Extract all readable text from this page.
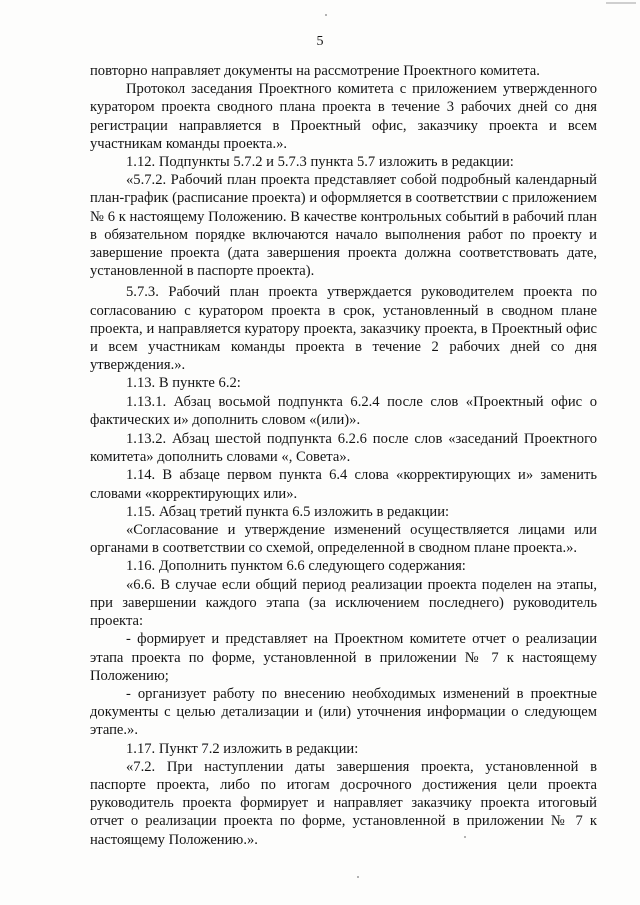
5

повторно направляет документы на рассмотрение Проектного комитета.

Протокол заседания Проектного комитета с приложением утвержденного куратором проекта сводного плана проекта в течение 3 рабочих дней со дня регистрации направляется в Проектный офис, заказчику проекта и всем участникам команды проекта.».

1.12. Подпункты 5.7.2 и 5.7.3 пункта 5.7 изложить в редакции:

«5.7.2. Рабочий план проекта представляет собой подробный календарный план-график (расписание проекта) и оформляется в соответствии с приложением № 6 к настоящему Положению. В качестве контрольных событий в рабочий план в обязательном порядке включаются начало выполнения работ по проекту и завершение проекта (дата завершения проекта должна соответствовать дате, установленной в паспорте проекта).

5.7.3. Рабочий план проекта утверждается руководителем проекта по согласованию с куратором проекта в срок, установленный в сводном плане проекта, и направляется куратору проекта, заказчику проекта, в Проектный офис и всем участникам команды проекта в течение 2 рабочих дней со дня утверждения.».

1.13. В пункте 6.2:

1.13.1. Абзац восьмой подпункта 6.2.4 после слов «Проектный офис о фактических и» дополнить словом «(или)».

1.13.2. Абзац шестой подпункта 6.2.6 после слов «заседаний Проектного комитета» дополнить словами «, Совета».

1.14. В абзаце первом пункта 6.4 слова «корректирующих и» заменить словами «корректирующих или».

1.15. Абзац третий пункта 6.5 изложить в редакции:

«Согласование и утверждение изменений осуществляется лицами или органами в соответствии со схемой, определенной в сводном плане проекта.».

1.16. Дополнить пунктом 6.6 следующего содержания:

«6.6. В случае если общий период реализации проекта поделен на этапы, при завершении каждого этапа (за исключением последнего) руководитель проекта:

- формирует и представляет на Проектном комитете отчет о реализации этапа проекта по форме, установленной в приложении № 7 к настоящему Положению;

- организует работу по внесению необходимых изменений в проектные документы с целью детализации и (или) уточнения информации о следующем этапе.».

1.17. Пункт 7.2 изложить в редакции:

«7.2. При наступлении даты завершения проекта, установленной в паспорте проекта, либо по итогам досрочного достижения цели проекта руководитель проекта формирует и направляет заказчику проекта итоговый отчет о реализации проекта по форме, установленной в приложении № 7 к настоящему Положению.».
